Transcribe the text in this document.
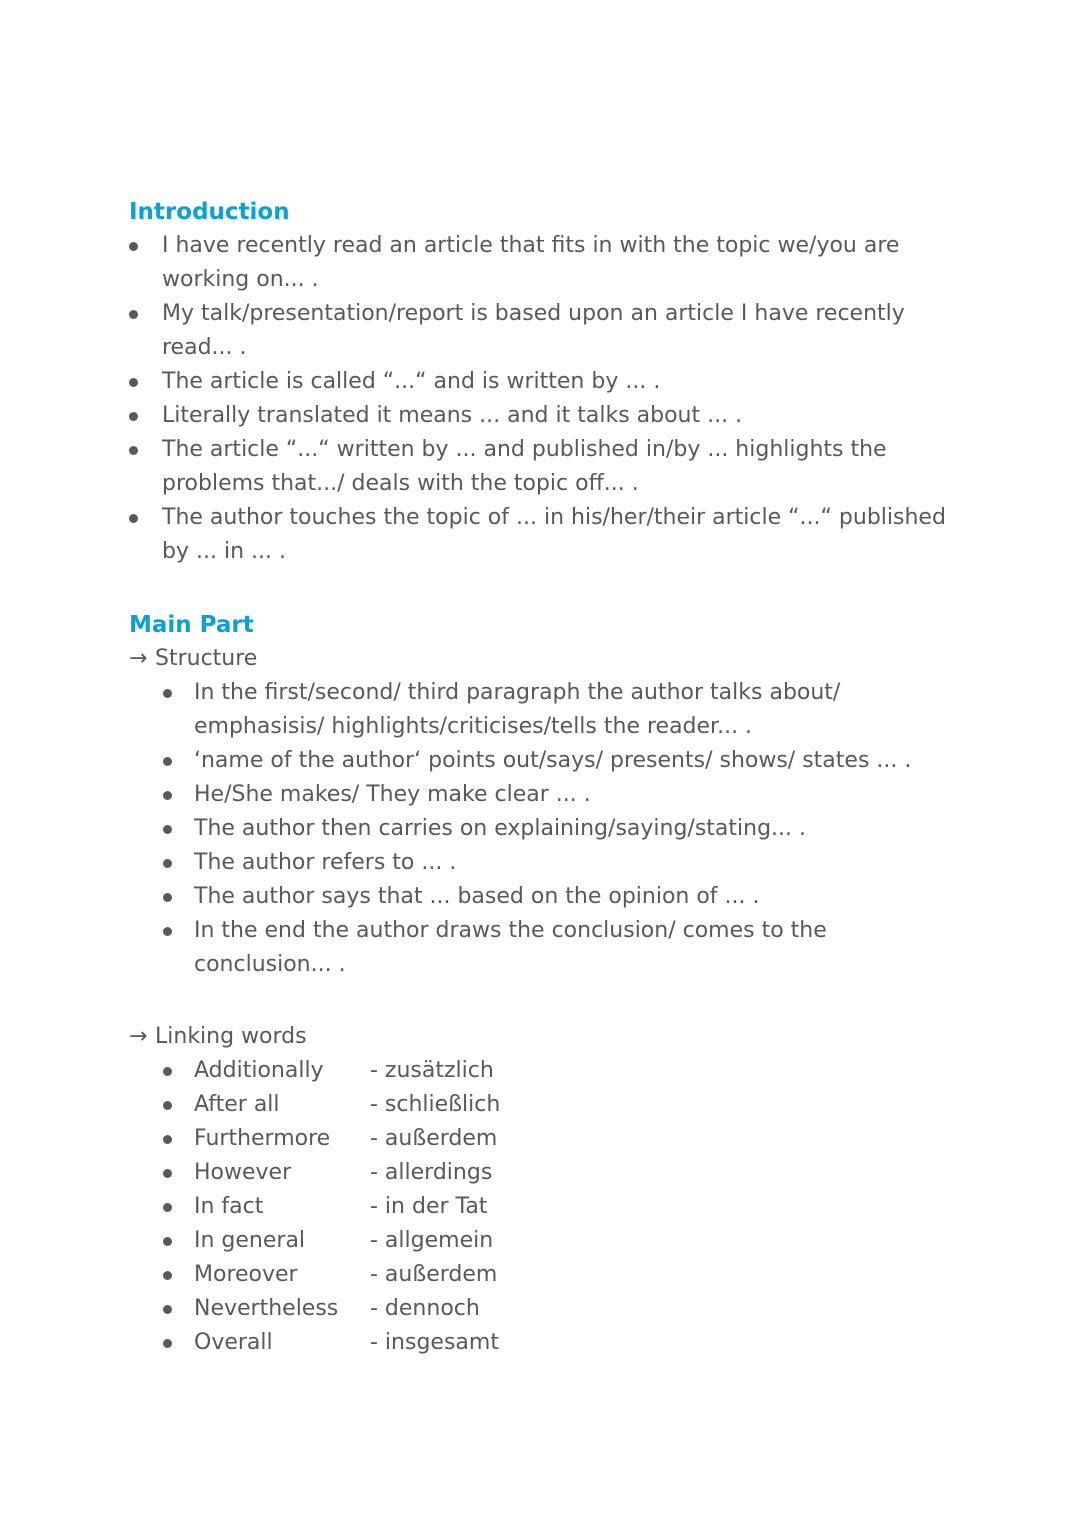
Introduction
I have recently read an article that fits in with the topic we/you are working on... .
My talk/presentation/report is based upon an article I have recently read... .
The article is called “...“ and is written by ... .
Literally translated it means ... and it talks about ... .
The article “...“ written by ... and published in/by ... highlights the problems that.../ deals with the topic off... .
The author touches the topic of ... in his/her/their article “...“ published by ... in ... .
Main Part

→ Structure

In the first/second/ third paragraph the author talks about/ emphasisis/ highlights/criticises/tells the reader... .
‘name of the author‘ points out/says/ presents/ shows/ states ... .
He/She makes/ They make clear ... .
The author then carries on explaining/saying/stating... .
The author refers to ... .
The author says that ... based on the opinion of ... .
In the end the author draws the conclusion/ comes to the conclusion... .

→ Linking words

Additionally	- zusätzlich
After all	- schließlich
Furthermore	- außerdem
However	- allerdings
In fact	- in der Tat
In general	- allgemein
Moreover	- außerdem
Nevertheless	- dennoch
Overall	- insgesamt
